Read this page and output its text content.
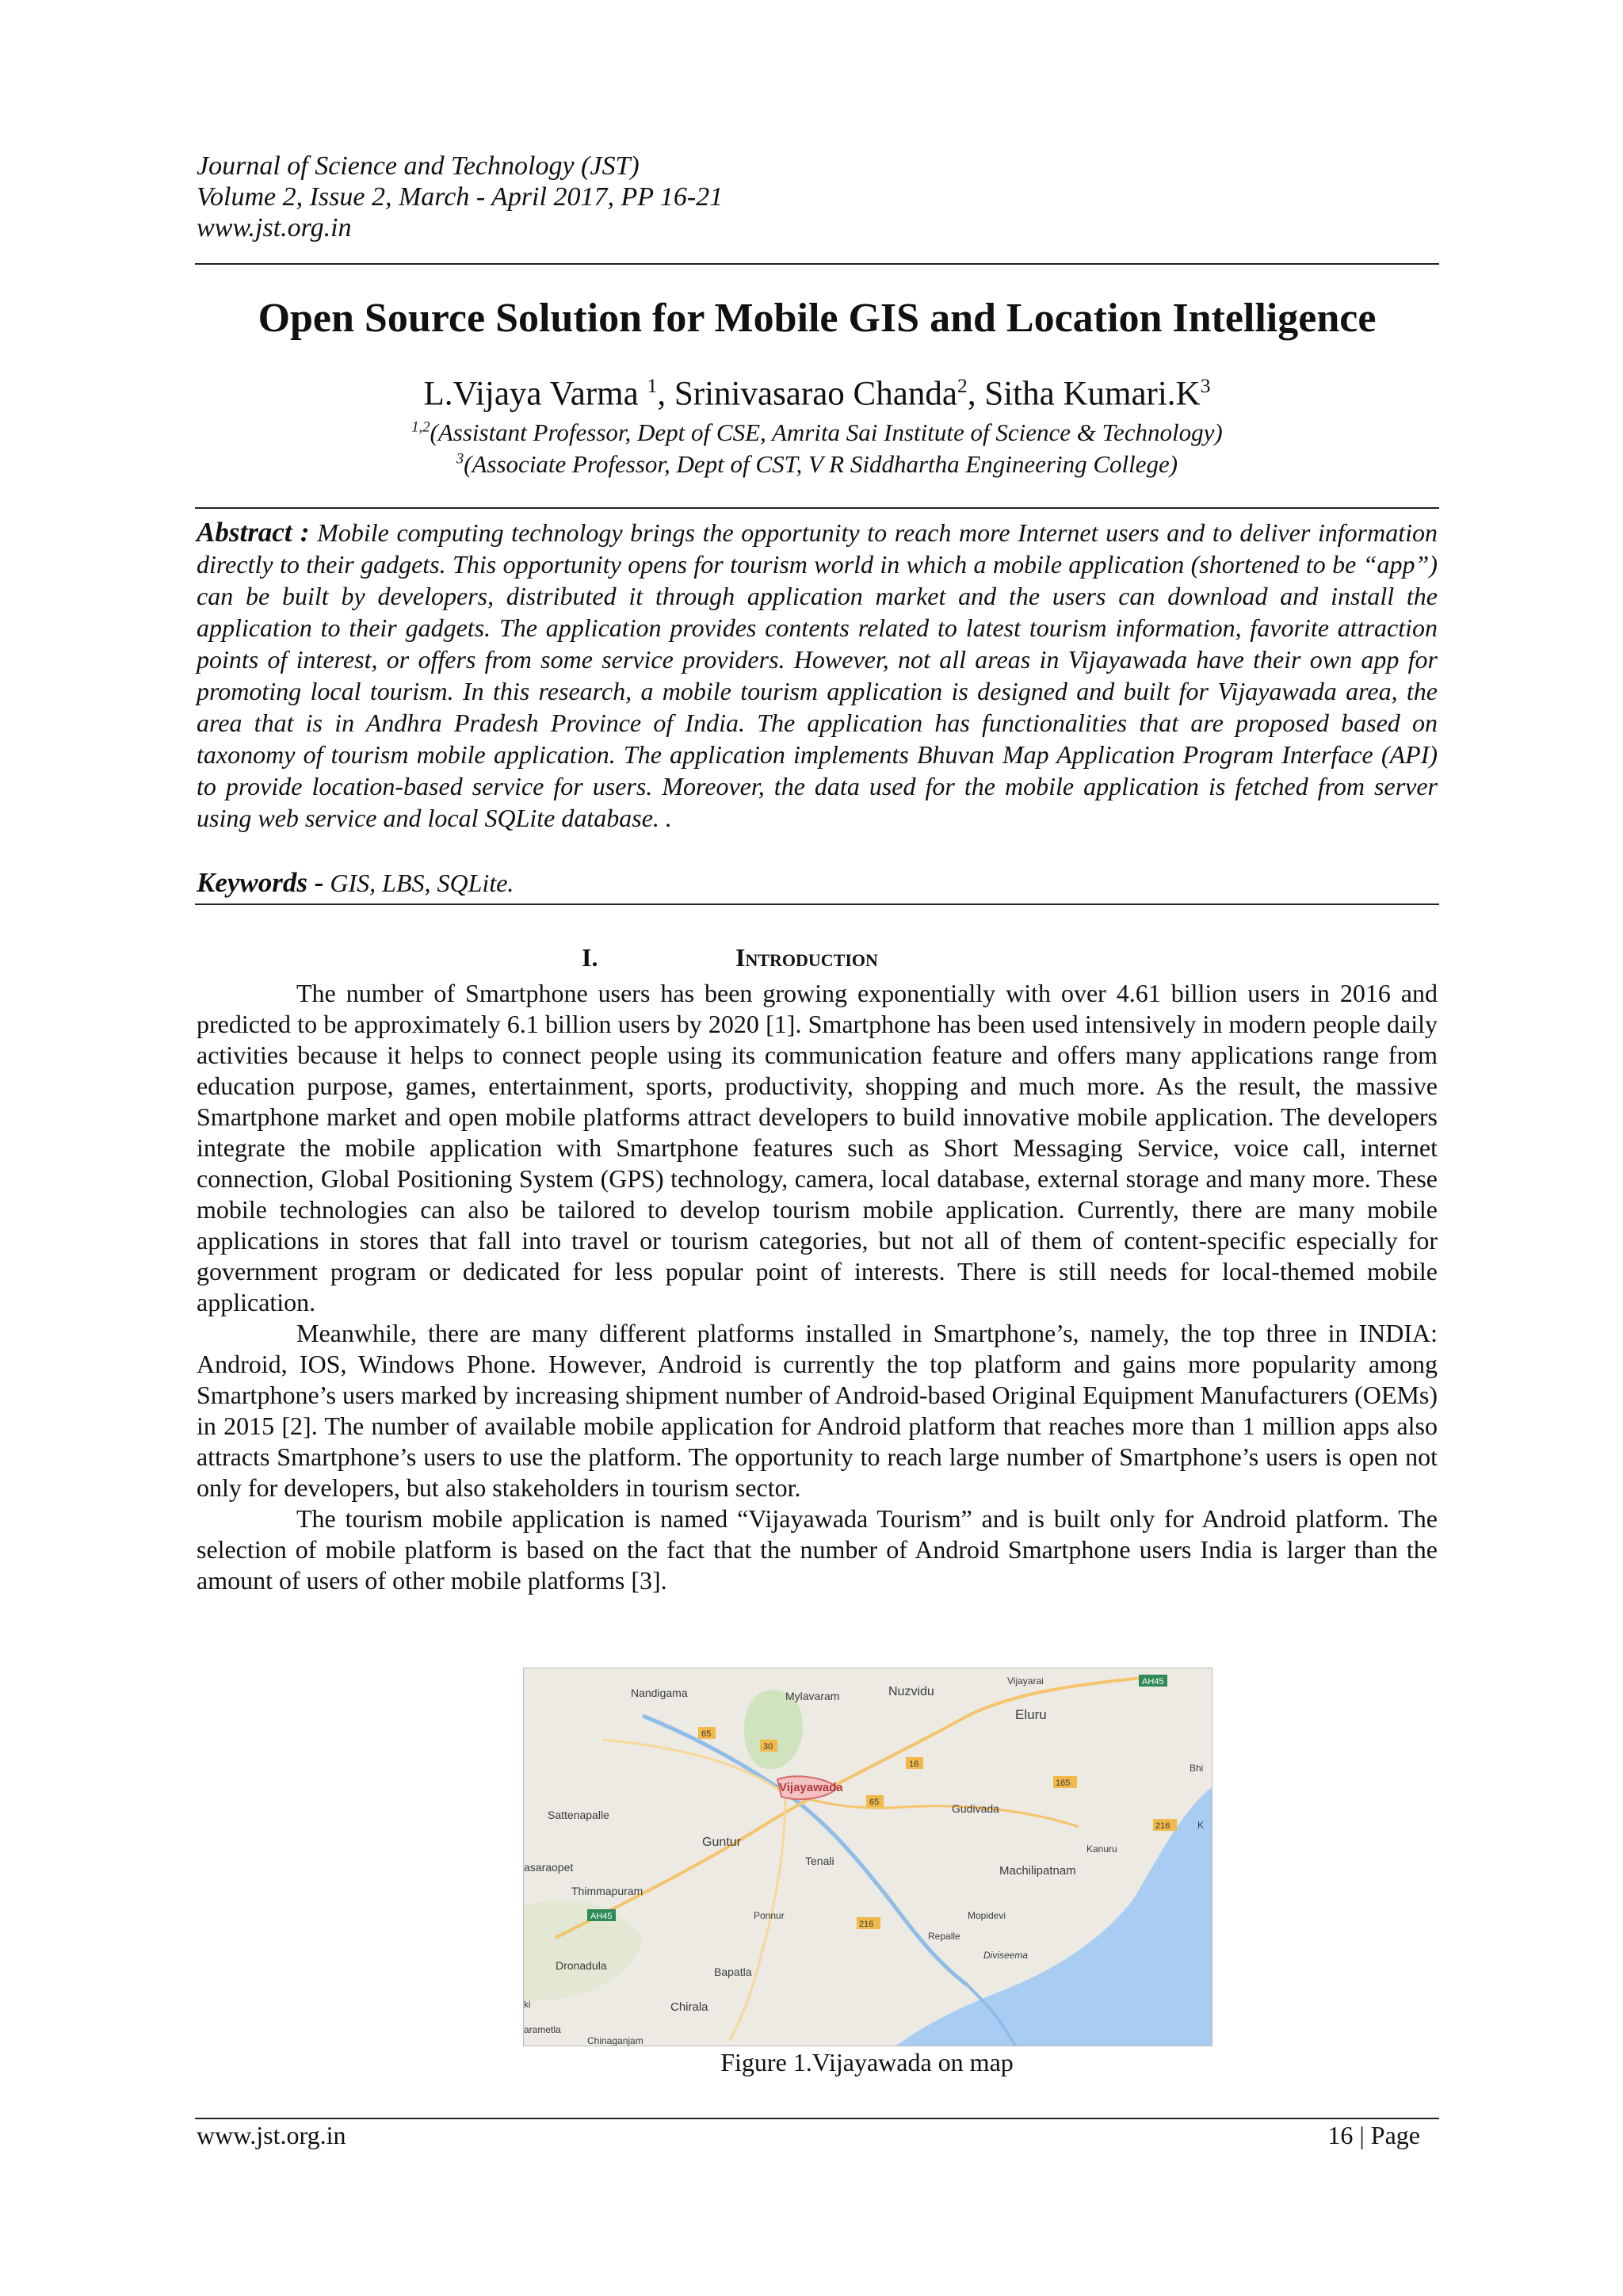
Journal of Science and Technology (JST)
Volume 2, Issue 2, March - April 2017, PP 16-21
www.jst.org.in
Open Source Solution for Mobile GIS and Location Intelligence
L.Vijaya Varma $^1$, Srinivasarao Chanda$^2$, Sitha $Kumari.K^3$
$^{1,2}$(Assistant Professor, Dept of CSE, Amrita Sai Institute of Science & Technology)
$^3$(Associate Professor, Dept of CST, V R Siddhartha Engineering College)
Abstract : Mobile computing technology brings the opportunity to reach more Internet users and to deliver information directly to their gadgets. This opportunity opens for tourism world in which a mobile application (shortened to be “app”) can be built by developers, distributed it through application market and the users can download and install the application to their gadgets. The application provides contents related to latest tourism information, favorite attraction points of interest, or offers from some service providers. However, not all areas in Vijayawada have their own app for promoting local tourism. In this research, a mobile tourism application is designed and built for Vijayawada area, the area that is in Andhra Pradesh Province of India. The application has functionalities that are proposed based on taxonomy of tourism mobile application. The application implements Bhuvan Map Application Program Interface (API) to provide location-based service for users. Moreover, the data used for the mobile application is fetched from server using web service and local SQLite database. .
Keywords - GIS, LBS, SQLite.
I.	Introduction

The number of Smartphone users has been growing exponentially with over 4.61 billion users in 2016 and predicted to be approximately 6.1 billion users by 2020 [1]. Smartphone has been used intensively in modern people daily activities because it helps to connect people using its communication feature and offers many applications range from education purpose, games, entertainment, sports, productivity, shopping and much more. As the result, the massive Smartphone market and open mobile platforms attract developers to build innovative mobile application. The developers integrate the mobile application with Smartphone features such as Short Messaging Service, voice call, internet connection, Global Positioning System (GPS) technology, camera, local database, external storage and many more. These mobile technologies can also be tailored to develop tourism mobile application. Currently, there are many mobile applications in stores that fall into travel or tourism categories, but not all of them of content-specific especially for government program or dedicated for less popular point of interests. There is still needs for local-themed mobile application.

Meanwhile, there are many different platforms installed in Smartphone’s, namely, the top three in INDIA: Android, IOS, Windows Phone. However, Android is currently the top platform and gains more popularity among Smartphone’s users marked by increasing shipment number of Android-based Original Equipment Manufacturers (OEMs) in 2015 [2]. The number of available mobile application for Android platform that reaches more than 1 million apps also attracts Smartphone’s users to use the platform. The opportunity to reach large number of Smartphone’s users is open not only for developers, but also stakeholders in tourism sector.

The tourism mobile application is named “Vijayawada Tourism” and is built only for Android platform. The selection of mobile platform is based on the fact that the number of Android Smartphone users India is larger than the amount of users of other mobile platforms [3].

Nandigama	Mylavaram	Nuzvidu
Vijayarai
Eluru
Bhi
Vijayawada
Gudivada
Sattenapalle
Guntur	Kanuru
Tenali
asaraopet	Machilipatnam
Thimmapuram
Ponnur	Mopidevi
Repalle
Diviseema
Dronadula	Bapatla
Chirala
ki
arametla
Chinaganjam
AH45
AH45
65
65
30
16
165
216
216	K
Figure 1.Vijayawada on map
www.jst.org.in	16 | Page
